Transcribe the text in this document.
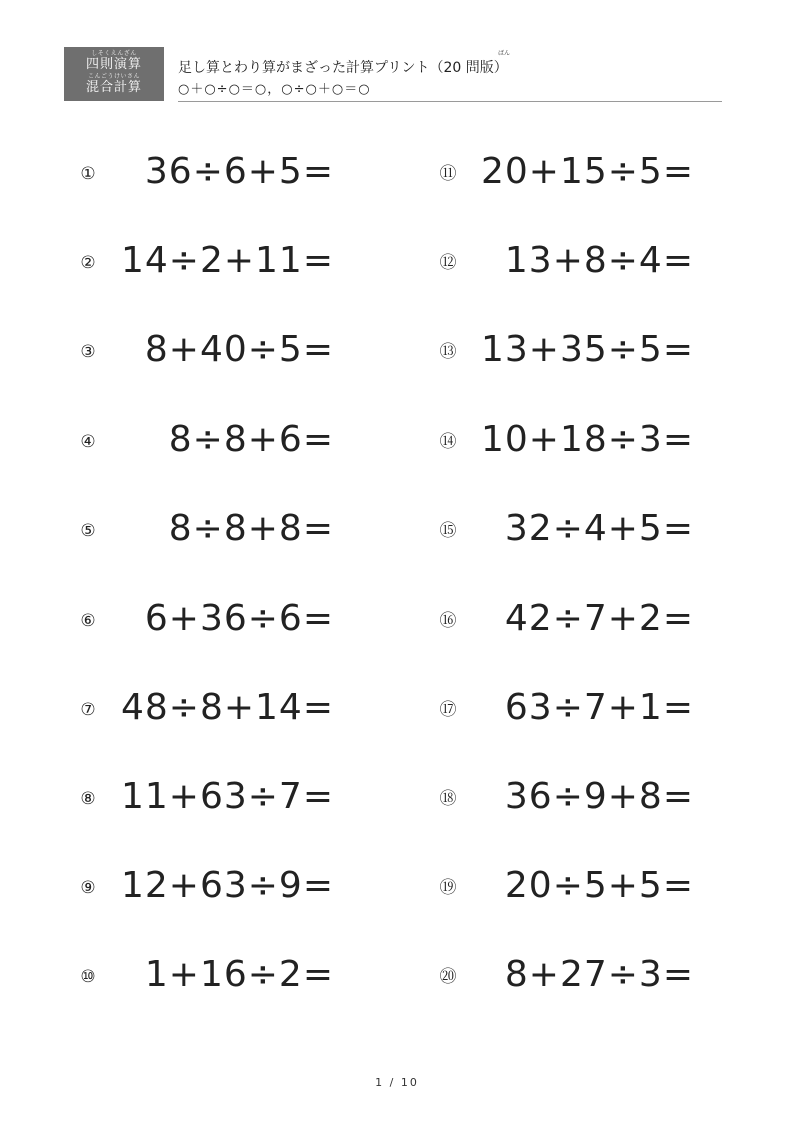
しそくえんざん
四則演算
こんごうけいさん
混合計算
ばん
足し算とわり算がまざった計算プリント（20 問版）
○＋○÷○＝○，○÷○＋○＝○
① 36÷6+5=
② 14÷2+11=
③ 8+40÷5=
④ 8÷8+6=
⑤ 8÷8+8=
⑥ 6+36÷6=
⑦ 48÷8+14=
⑧ 11+63÷7=
⑨ 12+63÷9=
⑩ 1+16÷2=
⑪ 20+15÷5=
⑫ 13+8÷4=
⑬ 13+35÷5=
⑭ 10+18÷3=
⑮ 32÷4+5=
⑯ 42÷7+2=
⑰ 63÷7+1=
⑱ 36÷9+8=
⑲ 20÷5+5=
⑳ 8+27÷3=
1 / 10
